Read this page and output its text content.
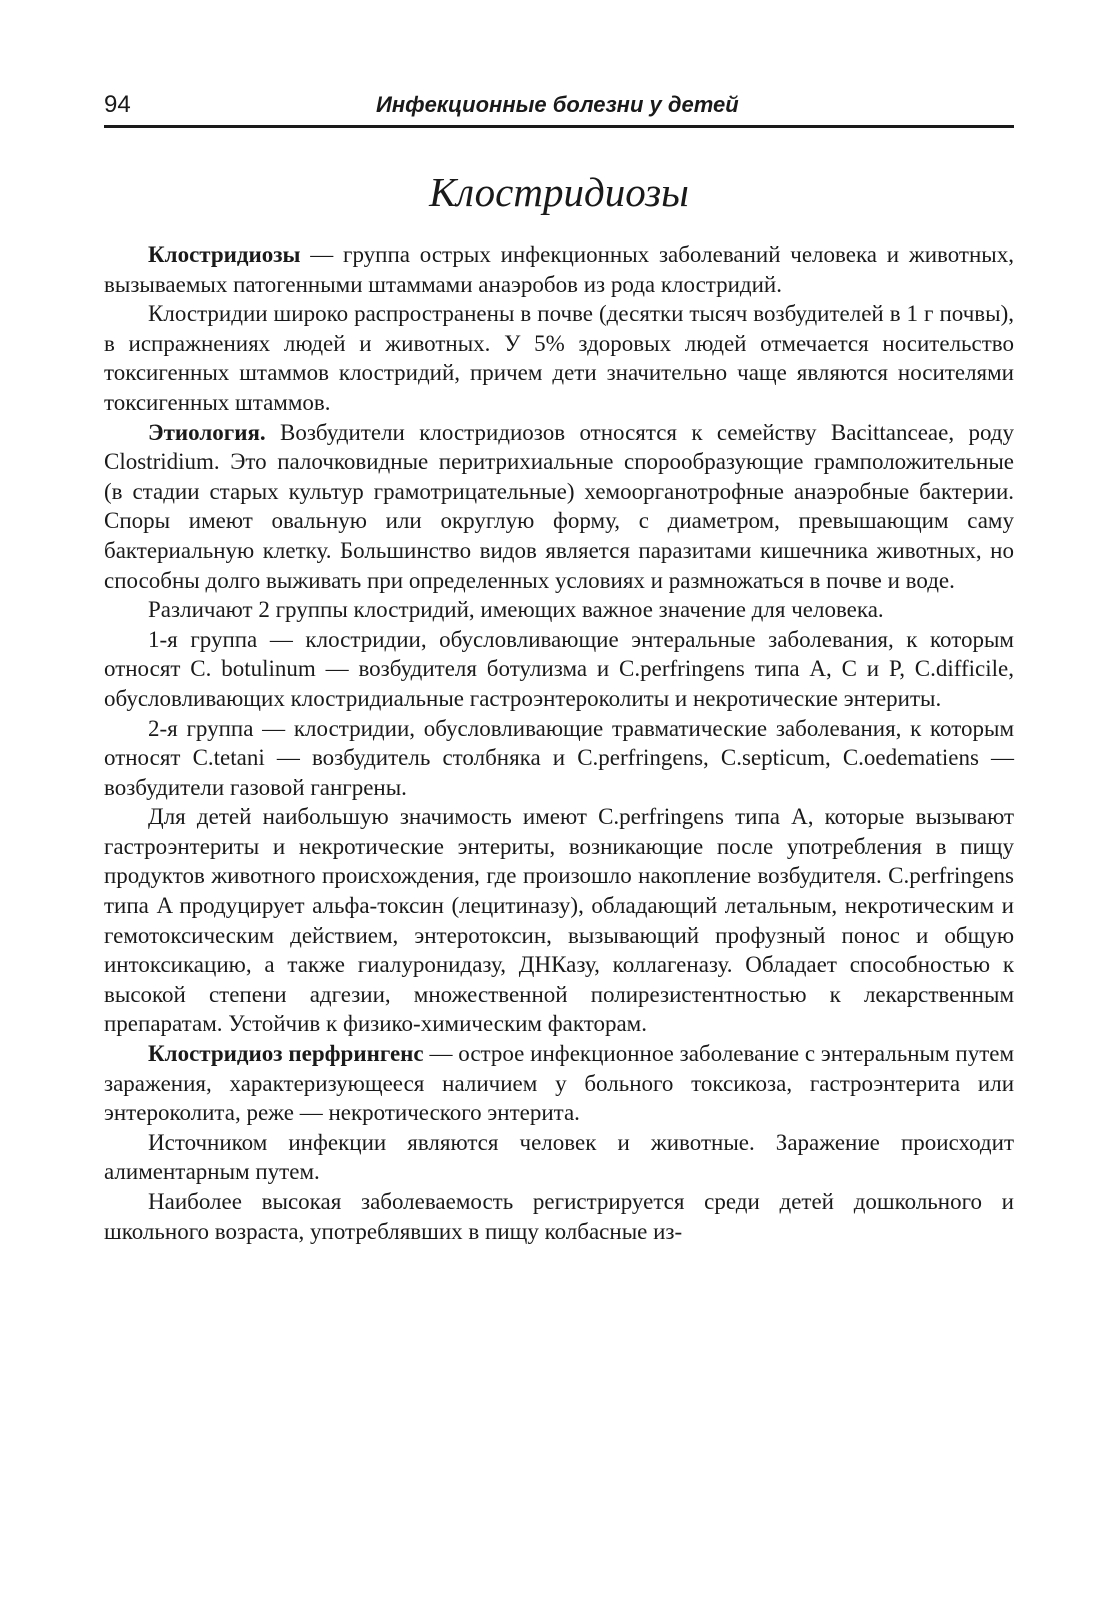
94	Инфекционные болезни у детей
Клостридиозы

Клостридиозы — группа острых инфекционных заболеваний человека и животных, вызываемых патогенными штаммами анаэробов из рода клостридий.

Клостридии широко распространены в почве (десятки тысяч возбудителей в 1 г почвы), в испражнениях людей и животных. У 5% здоровых людей отмечается носительство токсигенных штаммов клостридий, причем дети значительно чаще являются носителями токсигенных штаммов.

Этиология. Возбудители клостридиозов относятся к семейству Bacittanceae, роду Clostridium. Это палочковидные перитрихиальные спорообразующие грамположительные (в стадии старых культур грамотрицательные) хемоорганотрофные анаэробные бактерии. Споры имеют овальную или округлую форму, с диаметром, превышающим саму бактериальную клетку. Большинство видов является паразитами кишечника животных, но способны долго выживать при определенных условиях и размножаться в почве и воде.

Различают 2 группы клостридий, имеющих важное значение для человека.

1-я группа — клостридии, обусловливающие энтеральные заболевания, к которым относят C. botulinum — возбудителя ботулизма и C.perfringens типа A, C и P, C.difficile, обусловливающих клостридиальные гастроэнтероколиты и некротические энтериты.

2-я группа — клостридии, обусловливающие травматические заболевания, к которым относят C.tetani — возбудитель столбняка и C.perfringens, C.septicum, C.oedematiens — возбудители газовой гангрены.

Для детей наибольшую значимость имеют C.perfringens типа A, которые вызывают гастроэнтериты и некротические энтериты, возникающие после употребления в пищу продуктов животного происхождения, где произошло накопление возбудителя. C.perfringens типа A продуцирует альфа-токсин (лецитиназу), обладающий летальным, некротическим и гемотоксическим действием, энтеротоксин, вызывающий профузный понос и общую интоксикацию, а также гиалуронидазу, ДНКазу, коллагеназу. Обладает способностью к высокой степени адгезии, множественной полирезистентностью к лекарственным препаратам. Устойчив к физико-химическим факторам.

Клостридиоз перфрингенс — острое инфекционное заболевание с энтеральным путем заражения, характеризующееся наличием у больного токсикоза, гастроэнтерита или энтероколита, реже — некротического энтерита.

Источником инфекции являются человек и животные. Заражение происходит алиментарным путем.

Наиболее высокая заболеваемость регистрируется среди детей дошкольного и школьного возраста, употреблявших в пищу колбасные из-
